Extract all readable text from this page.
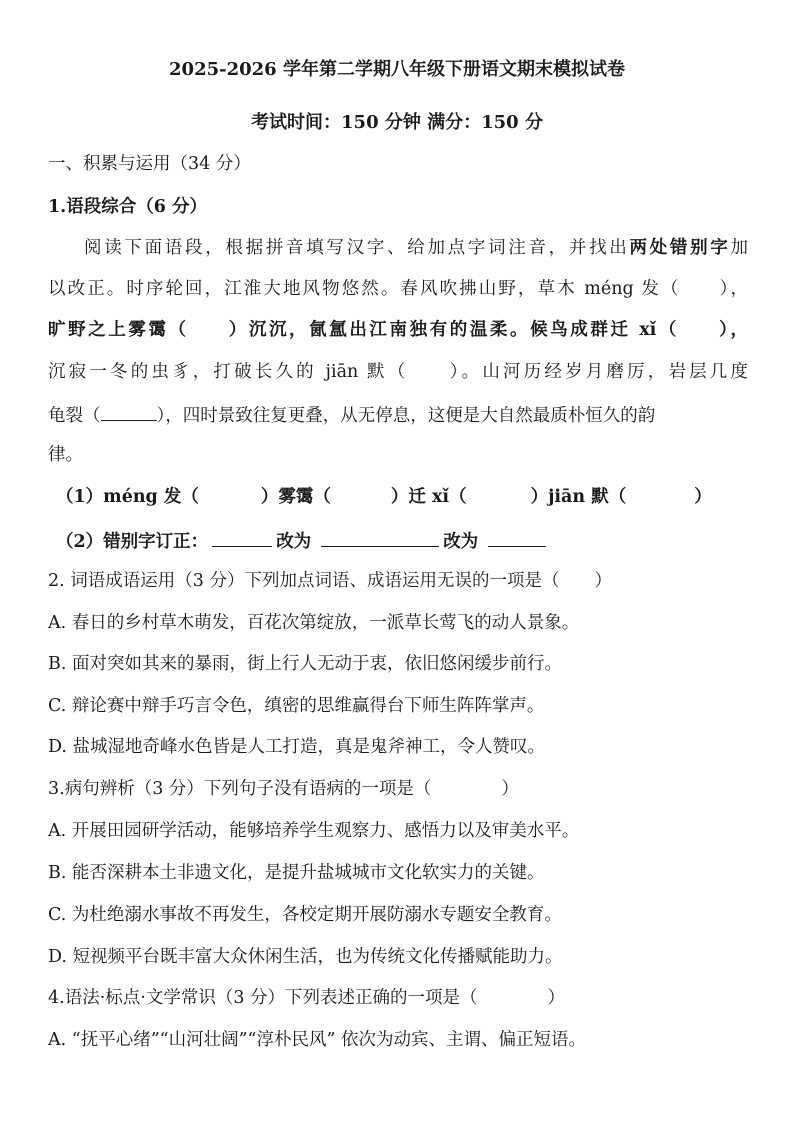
2025-2026 学年第二学期八年级下册语文期末模拟试卷
考试时间：150 分钟 满分：150 分
一、积累与运用（34 分）
1.语段综合（6 分）
阅读下面语段，根据拼音填写汉字、给加点字词注音，并找出两处错别字加
以改正。时序轮回，江淮大地风物悠然。春风吹拂山野，草木 méng 发（　　），
旷野之上雾霭（　　）沉沉，氤氲出江南独有的温柔。候鸟成群迁 xǐ（　　），
沉寂一冬的虫豸，打破长久的 jiān 默（　　）。山河历经岁月磨厉，岩层几度
龟裂（	），四时景致往复更叠，从无停息，这便是大自然最质朴恒久的韵
律。
（1）méng 发（	）雾霭（	）迁 xǐ（	）jiān 默（	）
（2）错别字订正：	改为	改为
2. 词语成语运用（3 分）下列加点词语、成语运用无误的一项是（　　）
A. 春日的乡村草木萌发，百花次第绽放，一派草长莺飞的动人景象。
B. 面对突如其来的暴雨，街上行人无动于衷，依旧悠闲缓步前行。
C. 辩论赛中辩手巧言令色，缜密的思维赢得台下师生阵阵掌声。
D. 盐城湿地奇峰水色皆是人工打造，真是鬼斧神工，令人赞叹。
3.病句辨析（3 分）下列句子没有语病的一项是（　　　　）
A. 开展田园研学活动，能够培养学生观察力、感悟力以及审美水平。
B. 能否深耕本土非遗文化，是提升盐城城市文化软实力的关键。
C. 为杜绝溺水事故不再发生，各校定期开展防溺水专题安全教育。
D. 短视频平台既丰富大众休闲生活，也为传统文化传播赋能助力。
4.语法·标点·文学常识（3 分）下列表述正确的一项是（　　　　）
A. “抚平心绪”“山河壮阔”“淳朴民风” 依次为动宾、主谓、偏正短语。
